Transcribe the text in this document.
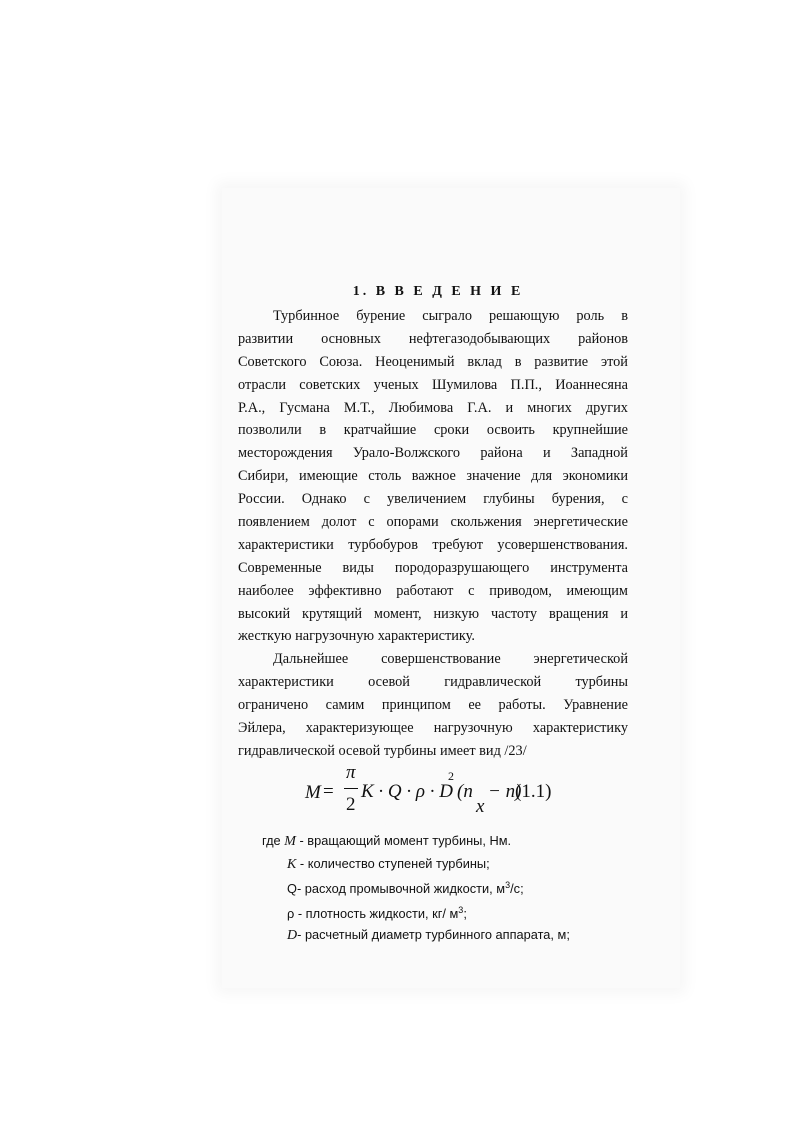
1. В В Е Д Е Н И Е
Турбинное бурение сыграло решающую роль в
развитии основных нефтегазодобывающих районов
Советского Союза. Неоценимый вклад в развитие этой
отрасли советских ученых Шумилова П.П., Иоаннесяна
Р.А., Гусмана М.Т., Любимова Г.А. и многих других
позволили в кратчайшие сроки освоить крупнейшие
месторождения Урало-Волжского района и Западной
Сибири, имеющие столь важное значение для экономики
России. Однако с увеличением глубины бурения, с
появлением долот с опорами скольжения энергетические
характеристики турбобуров требуют усовершенствования.
Современные виды породоразрушающего инструмента
наиболее эффективно работают с приводом, имеющим
высокий крутящий момент, низкую частоту вращения и
жесткую нагрузочную характеристику.
Дальнейшее совершенствование энергетической
характеристики осевой гидравлической турбины
ограничено самим принципом ее работы. Уравнение
Эйлера, характеризующее нагрузочную характеристику
гидравлической осевой турбины имеет вид /23/
M =
π
2
K · Q · ρ · D
2
(n
x
− n)
(1.1)
где M - вращающий момент турбины, Нм.
K - количество ступеней турбины;
Q- расход промывочной жидкости, $м^3/с$;
ρ - плотность жидкости, кг/ $м^3$;
D- расчетный диаметр турбинного аппарата, м;
